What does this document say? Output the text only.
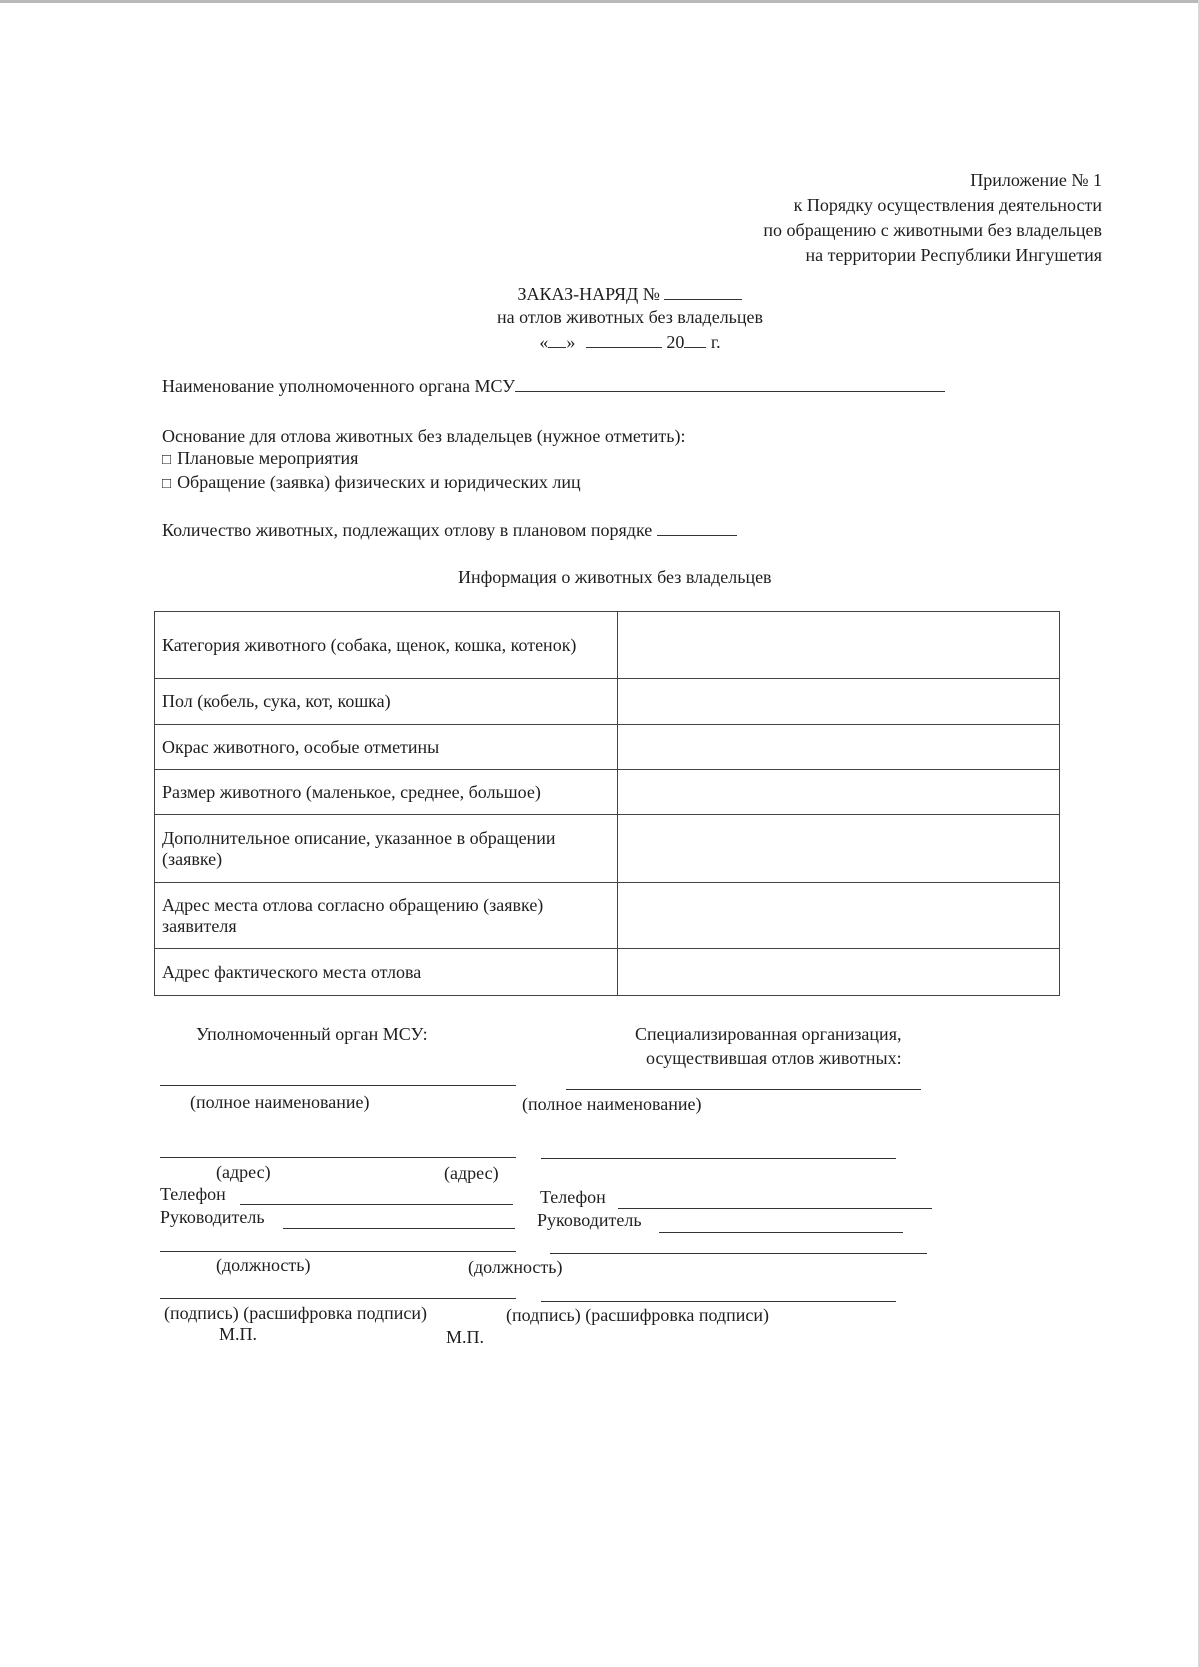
Приложение № 1
к Порядку осуществления деятельности
по обращению с животными без владельцев
на территории Республики Ингушетия
ЗАКАЗ-НАРЯД №
на отлов животных без владельцев
« »	20 г.
Наименование уполномоченного органа МСУ
Основание для отлова животных без владельцев (нужное отметить):
□ Плановые мероприятия
□ Обращение (заявка) физических и юридических лиц
Количество животных, подлежащих отлову в плановом порядке
Информация о животных без владельцев
Категория животного (собака, щенок, кошка, котенок)	
Пол (кобель, сука, кот, кошка)	
Окрас животного, особые отметины	
Размер животного (маленькое, среднее, большое)	
Дополнительное описание, указанное в обращении (заявке)	
Адрес места отлова согласно обращению (заявке) заявителя	
Адрес фактического места отлова	
Уполномоченный орган МСУ:
(полное наименование)
(адрес)
Телефон
Руководитель
(должность)
(подпись) (расшифровка подписи)
М.П.
Специализированная организация,
осуществившая отлов животных:
(полное наименование)
(адрес)
Телефон
Руководитель
(должность)
(подпись) (расшифровка подписи)
М.П.
